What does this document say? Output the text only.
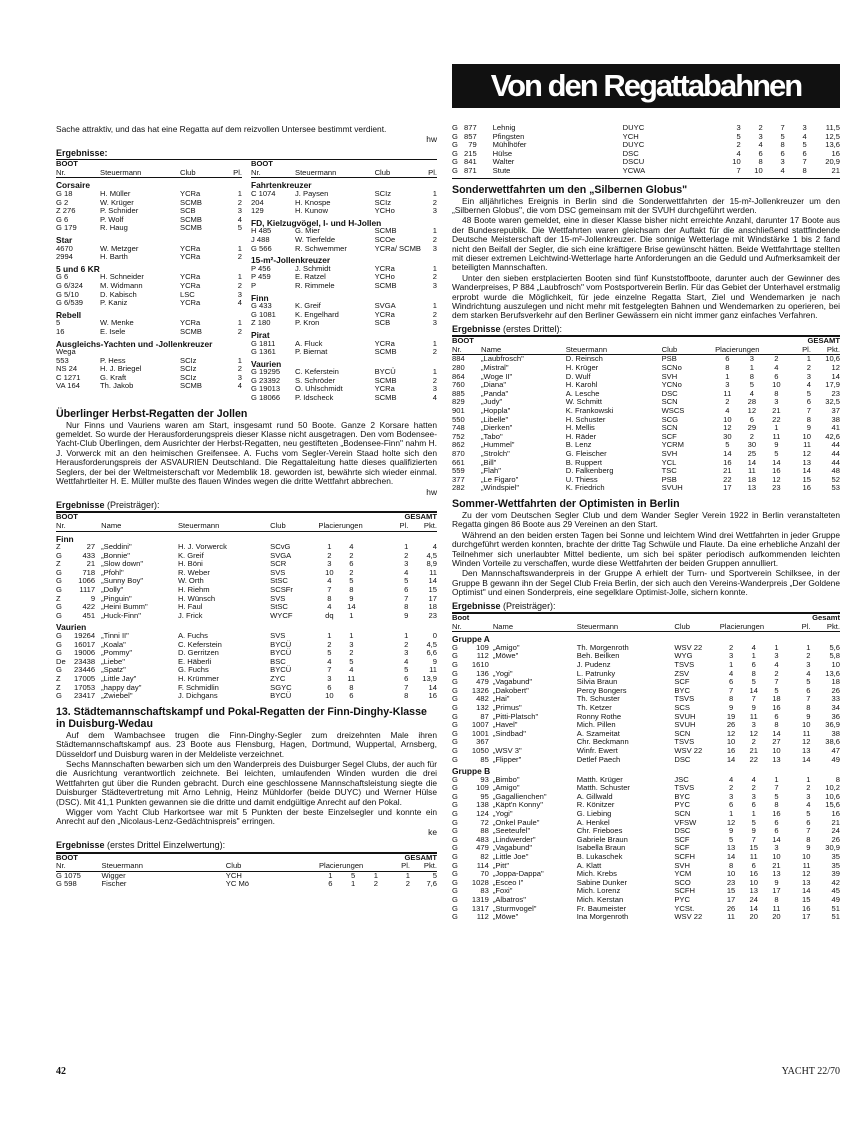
Von den Regattabahnen

Sache attraktiv, und das hat eine Regatta auf dem reizvollen Untersee bestimmt verdient.

hw
Ergebnisse:
BOOT			
Nr.	Steuermann	Club	Pl.

Corsaire			
G 18	H. Müller	YCRa	1
G 2	W. Krüger	SCMB	2
Z 276	P. Schnider	SCB	3
G 6	P. Wolf	SCMB	4
G 179	R. Haug	SCMB	5
Star			
4670	W. Metzger	YCRa	1
2994	H. Barth	YCRa	2
5 und 6 KR			
G 6	H. Schneider	YCRa	1
G 6/324	M. Widmann	YCRa	2
G 5/10	D. Kabisch	LSC	3
G 6/539	P. Kaniz	YCRa	4
Rebell			
5	W. Menke	YCRa	1
16	E. Isele	SCMB	2
Ausgleichs-Yachten und -Jollenkreuzer			
Wega			
553	P. Hess	SCIz	1
NS 24	H. J. Briegel	SCIz	2
C 1271	G. Kraft	SCIz	3
VA 164	Th. Jakob	SCMB	4
BOOT			
Nr.	Steuermann	Club	Pl.

Fahrtenkreuzer			
C 1074	J. Paysen	SCIz	1
204	H. Knospe	SCIz	2
129	H. Kunow	YCHo	3
FD, Kielzugvögel, I- und H-Jollen			
H 485	G. Mier	SCMB	1
J 488	W. Tierfelde	SCOe	2
G 566	R. Schwemmer	YCRa/ SCMB	3
15-m²-Jollenkreuzer			
P 456	J. Schmidt	YCRa	1
P 459	E. Ratzel	YCHo	2
P	R. Rimmele	SCMB	3
Finn			
G 433	K. Greif	SVGA	1
G 1081	K. Engelhard	YCRa	2
Z 180	P. Kron	SCB	3
Pirat			
G 1811	A. Fluck	YCRa	1
G 1361	P. Biernat	SCMB	2
Vaurien			
G 19295	C. Keferstein	BYCÜ	1
G 23392	S. Schröder	SCMB	2
G 19013	O. Uhlschmidt	YCRa	3
G 18066	P. Idscheck	SCMB	4
Überlinger Herbst-Regatten der Jollen

Nur Finns und Vauriens waren am Start, insgesamt rund 50 Boote. Ganze 2 Korsare hatten gemeldet. So wurde der Herausforderungspreis dieser Klasse nicht ausgetragen. Den vom Bodensee-Yacht-Club Überlingen, dem Ausrichter der Herbst-Regatten, neu gestifteten „Bodensee-Finn" nahm H. J. Vorwerck mit an den heimischen Greifensee. A. Fuchs vom Segler-Verein Staad holte sich den Herausforderungspreis der ASVAURIEN Deutschland. Die Regattaleitung hatte dieses qualifizierten Seglers, der bei der Weltmeisterschaft vor Medemblik 18. geworden ist, bewährte sich wieder einmal. Wettfahrtleiter H. E. Müller mußte des flauen Windes wegen die dritte Wettfahrt abbrechen.

hw
Ergebnisse (Preisträger):

BOOT								GESAMT	
Nr.		Name	Steuermann	Club	Placierungen			Pl.	Pkt.

Finn									
Z	27	„Seddini"	H. J. Vorwerck	SCvG	1	4		1	4
G	433	„Bonnie"	K. Greif	SVGA	2	2		2	4,5
Z	21	„Slow down"	H. Böni	SCR	3	6		3	8,9
G	718	„Pfohl"	R. Weber	SVS	10	2		4	11
G	1066	„Sunny Boy"	W. Orth	StSC	4	5		5	14
G	1117	„Dolly"	H. Riehm	SCSFr	7	8		6	15
Z	9	„Pinguin"	H. Wünsch	SVS	8	9		7	17
G	422	„Heini Bumm"	H. Faul	StSC	4	14		8	18
G	451	„Huck-Finn"	J. Frick	WYCF	dq	1		9	23
Vaurien									
G	19264	„Tinni II"	A. Fuchs	SVS	1	1		1	0
G	16017	„Koala"	C. Keferstein	BYCÜ	2	3		2	4,5
G	19006	„Pommy"	D. Gerritzen	BYCÜ	5	2		3	6,6
De	23438	„Liebe"	E. Häberli	BSC	4	5		4	9
G	23446	„Spatz"	G. Fuchs	BYCÜ	7	4		5	11
Z	17005	„Little Jay"	H. Krümmer	ZYC	3	11		6	13,9
Z	17053	„happy day"	F. Schmidlin	SGYC	6	8		7	14
G	23417	„Zwiebel"	J. Dichgans	BYCÜ	10	6		8	16
13. Städtemannschaftskampf und Pokal-Regatten der Finn-Dinghy-Klasse in Duisburg-Wedau

Auf dem Wambachsee trugen die Finn-Dinghy-Segler zum dreizehnten Male ihren Städtemannschaftskampf aus. 23 Boote aus Flensburg, Hagen, Dortmund, Wuppertal, Arnsberg, Düsseldorf und Duisburg waren in der Meldeliste verzeichnet.

Sechs Mannschaften bewarben sich um den Wanderpreis des Duisburger Segel Clubs, der auch für die Ausrichtung verantwortlich zeichnete. Bei leichten, umlaufenden Winden wurden die drei Wettfahrten gut über die Runden gebracht. Durch eine geschlossene Mannschaftsleistung siegte die Duisburger Städtevertretung mit Arno Lehnig, Heinz Mühldorfer (beide DUYC) und Werner Hülse (DSC). Mit 41,1 Punkten gewannen sie die dritte und damit endgültige Anrecht auf den Pokal.

Wigger vom Yacht Club Harkortsee war mit 5 Punkten der beste Einzelsegler und konnte ein Anrecht auf den „Nicolaus-Lenz-Gedächtnispreis" erringen.

ke
Ergebnisse (erstes Drittel Einzelwertung):

BOOT						GESAMT	
Nr.	Steuermann	Club	Placierungen			Pl.	Pkt.

G 1075	Wigger	YCH	1	5	1	1	5
G 598	Fischer	YC Mö	6	1	2	2	7,6
G	877	Lehnig	DUYC	3	2	7	3	11,5
G	857	Pfingsten	YCH	5	3	5	4	12,5
G	79	Mühlhöfer	DUYC	2	4	8	5	13,6
G	215	Hülse	DSC	4	6	6	6	16
G	841	Walter	DSCU	10	8	3	7	20,9
G	871	Stute	YCWA	7	10	4	8	21
Sonderwettfahrten um den „Silbernen Globus"

Ein alljährliches Ereignis in Berlin sind die Sonderwettfahrten der 15-m²-Jollenkreuzer um den „Silbernen Globus", die vom DSC gemeinsam mit der SVUH durchgeführt werden.

48 Boote waren gemeldet, eine in dieser Klasse bisher nicht erreichte Anzahl, darunter 17 Boote aus der Bundesrepublik. Die Wettfahrten waren gleichsam der Auftakt für die anschließend stattfindende Deutsche Meisterschaft der 15-m²-Jollenkreuzer. Die sonnige Wetterlage mit Windstärke 1 bis 2 fand nicht den Beifall der Segler, die sich eine kräftigere Brise gewünscht hätten. Beide Wettfahrttage stellten mit dieser extremen Leichtwind-Wetterlage harte Anforderungen an die Geduld und Aufmerksamkeit der beteiligten Mannschaften.

Unter den sieben erstplacierten Booten sind fünf Kunststoffboote, darunter auch der Gewinner des Wanderpreises, P 884 „Laubfrosch" vom Postsportverein Berlin. Für das Gebiet der Unterhavel erstmalig erprobt wurde die Möglichkeit, für jede einzelne Regatta Start, Ziel und Wendemarken je nach Windrichtung auszulegen und nicht mehr mit festgelegten Bahnen und Wendemarken zu operieren, bei dem starken Berufsverkehr auf den Berliner Gewässern ein nicht immer ganz einfaches Verfahren.

Ergebnisse (erstes Drittel):

BOOT							GESAMT	
Nr.	Name	Steuermann	Club	Placierungen			Pl.	Pkt.

884	„Laubfrosch"	D. Reinsch	PSB	6	3	2	1	10,6
280	„Mistral"	H. Krüger	SCNo	8	1	4	2	12
864	„Woge II"	D. Wulf	SVH	1	8	6	3	14
760	„Diana"	H. Karohl	YCNo	3	5	10	4	17,9
885	„Panda"	A. Lesche	DSC	11	4	8	5	23
829	„Judy"	W. Schmitt	SCN	2	28	3	6	32,5
901	„Hoppla"	K. Frankowski	WSCS	4	12	21	7	37
550	„Libelle"	H. Schuster	SCG	10	6	22	8	38
748	„Dierken"	H. Mellis	SCN	12	29	1	9	41
752	„Tabo"	H. Räder	SCF	30	2	11	10	42,6
862	„Hummel"	B. Lenz	YCRM	5	30	9	11	44
870	„Strolch"	G. Fleischer	SVH	14	25	5	12	44
661	„Bill"	B. Ruppert	YCL	16	14	14	13	44
559	„Flah"	D. Falkenberg	TSC	21	11	16	14	48
377	„Le Figaro"	U. Thiess	PSB	22	18	12	15	52
282	„Windspiel"	K. Friedrich	SVUH	17	13	23	16	53
Sommer-Wettfahrten der Optimisten in Berlin

Zu der vom Deutschen Segler Club und dem Wander Segler Verein 1922 in Berlin veranstalteten Regatta gingen 86 Boote aus 29 Vereinen an den Start.

Während an den beiden ersten Tagen bei Sonne und leichtem Wind drei Wettfahrten in jeder Gruppe durchgeführt werden konnten, brachte der dritte Tag Schwüle und Flaute. Da eine erhebliche Anzahl der Teilnehmer sich unerlaubter Mittel bediente, um sich bei später periodisch aufkommenden leichten Winden Vorteile zu verschaffen, wurde diese Wettfahrten der beiden Gruppen annulliert.

Den Mannschaftswanderpreis in der Gruppe A erhielt der Turn- und Sportverein Schilksee, in der Gruppe B gewann ihn der Segel Club Freia Berlin, der sich auch den Vereins-Wanderpreis „Der Goldene Optimist" und einen Sonderpreis, eine segelklare Optimist-Jolle, sichern konnte.

Ergebnisse (Preisträger):

Boot								Gesamt	
Nr.		Name	Steuermann	Club	Placierungen			Pl.	Pkt.

Gruppe A									
G	109	„Amigo"	Th. Morgenroth	WSV 22	2	4	1	1	5,6
G	112	„Möwe"	Beh. Beilken	WYG	3	1	3	2	5,8
G	1610		J. Pudenz	TSVS	1	6	4	3	10
G	136	„Yogi"	L. Patrunky	ZSV	4	8	2	4	13,6
G	479	„Vagabund"	Silvia Braun	SCF	6	5	7	5	18
G	1326	„Dakobert"	Percy Bongers	BYC	7	14	5	6	26
G	482	„Hai"	Th. Schuster	TSVS	8	7	18	7	33
G	132	„Primus"	Th. Ketzer	SCS	9	9	16	8	34
G	87	„Pitti-Platsch"	Ronny Rothe	SVUH	19	11	6	9	36
G	1007	„Havel"	Mich. Pillen	SVUH	26	3	8	10	36,9
G	1001	„Sindbad"	A. Szameitat	SCN	12	12	14	11	38
G	367		Chr. Beckmann	TSVS	10	2	27	12	38,6
G	1050	„WSV 3"	Winfr. Ewert	WSV 22	16	21	10	13	47
G	85	„Flipper"	Detlef Paech	DSC	14	22	13	14	49
Gruppe B									
G	93	„Bimbo"	Matth. Krüger	JSC	4	4	1	1	8
G	109	„Amigo"	Matth. Schuster	TSVS	2	2	7	2	10,2
G	95	„Gagallienchen"	A. Gillwald	BYC	3	3	5	3	10,6
G	138	„Käpt'n Konny"	R. Könitzer	PYC	6	6	8	4	15,6
G	124	„Yogi"	G. Liebing	SCN	1	1	16	5	16
G	72	„Onkel Paule"	A. Henkel	VFSW	12	5	6	6	21
G	88	„Seeteufel"	Chr. Frieboes	DSC	9	9	6	7	24
G	483	„Lindwerder"	Gabriele Braun	SCF	5	7	14	8	26
G	479	„Vagabund"	Isabella Braun	SCF	13	15	3	9	30,9
G	82	„Little Joe"	B. Lukaschek	SCFH	14	11	10	10	35
G	114	„Pitt"	A. Klatt	SVH	8	6	21	11	35
G	70	„Joppa-Dappa"	Mich. Krebs	YCM	10	16	13	12	39
G	1028	„Esceo I"	Sabine Dunker	SCO	23	10	9	13	42
G	83	„Foxi"	Mich. Lorenz	SCFH	15	13	17	14	45
G	1319	„Albatros"	Mich. Kerstan	PYC	17	24	8	15	49
G	1317	„Sturmvogel"	Fr. Baumeister	YCSt.	26	14	11	16	51
G	112	„Möwe"	Ina Morgenroth	WSV 22	11	20	20	17	51
42	YACHT 22/70
